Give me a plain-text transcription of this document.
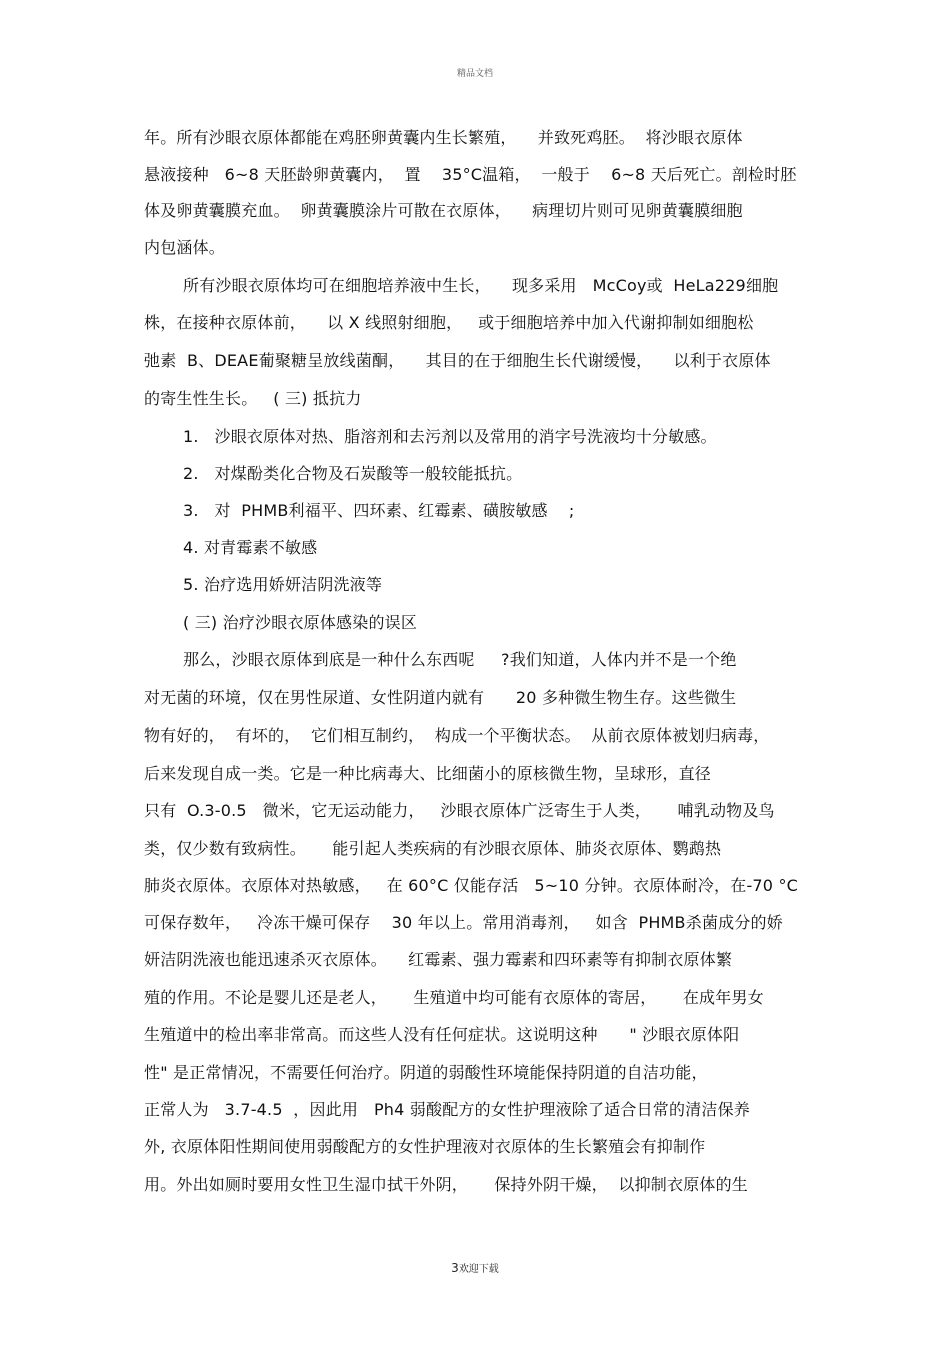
精品文档
年。所有沙眼衣原体都能在鸡胚卵黄囊内生长繁殖，    并致死鸡胚。  将沙眼衣原体
悬液接种   6~8 天胚龄卵黄囊内，  置    35°C温箱，  一般于    6~8 天后死亡。剖检时胚
体及卵黄囊膜充血。  卵黄囊膜涂片可散在衣原体，    病理切片则可见卵黄囊膜细胞
内包涵体。
所有沙眼衣原体均可在细胞培养液中生长，    现多采用   McCoy或  HeLa229细胞
株，在接种衣原体前，    以 X 线照射细胞，   或于细胞培养中加入代谢抑制如细胞松
弛素  B、DEAE葡聚糖呈放线菌酮，    其目的在于细胞生长代谢缓慢，    以利于衣原体
的寄生性生长。   ( 三) 抵抗力
1.   沙眼衣原体对热、脂溶剂和去污剂以及常用的消字号洗液均十分敏感。
2.   对煤酚类化合物及石炭酸等一般较能抵抗。
3.   对  PHMB利福平、四环素、红霉素、磺胺敏感    ;
4. 对青霉素不敏感
5. 治疗选用娇妍洁阴洗液等
( 三) 治疗沙眼衣原体感染的误区
那么，沙眼衣原体到底是一种什么东西呢     ?我们知道，人体内并不是一个绝
对无菌的环境，仅在男性尿道、女性阴道内就有      20 多种微生物生存。这些微生
物有好的，  有坏的，  它们相互制约，  构成一个平衡状态。  从前衣原体被划归病毒，
后来发现自成一类。它是一种比病毒大、比细菌小的原核微生物，呈球形，直径
只有  O.3-0.5   微米，它无运动能力，   沙眼衣原体广泛寄生于人类，     哺乳动物及鸟
类，仅少数有致病性。     能引起人类疾病的有沙眼衣原体、肺炎衣原体、鹦鹉热
肺炎衣原体。衣原体对热敏感，   在 60°C 仅能存活   5~10 分钟。衣原体耐冷，在-70 °C
可保存数年，   冷冻干燥可保存    30 年以上。常用消毒剂，   如含  PHMB杀菌成分的娇
妍洁阴洗液也能迅速杀灭衣原体。    红霉素、强力霉素和四环素等有抑制衣原体繁
殖的作用。不论是婴儿还是老人，     生殖道中均可能有衣原体的寄居，     在成年男女
生殖道中的检出率非常高。而这些人没有任何症状。这说明这种      " 沙眼衣原体阳
性" 是正常情况，不需要任何治疗。阴道的弱酸性环境能保持阴道的自洁功能，
正常人为   3.7-4.5  ，因此用   Ph4 弱酸配方的女性护理液除了适合日常的清洁保养
外, 衣原体阳性期间使用弱酸配方的女性护理液对衣原体的生长繁殖会有抑制作
用。外出如厕时要用女性卫生湿巾拭干外阴，     保持外阴干燥，  以抑制衣原体的生
3欢迎下载
